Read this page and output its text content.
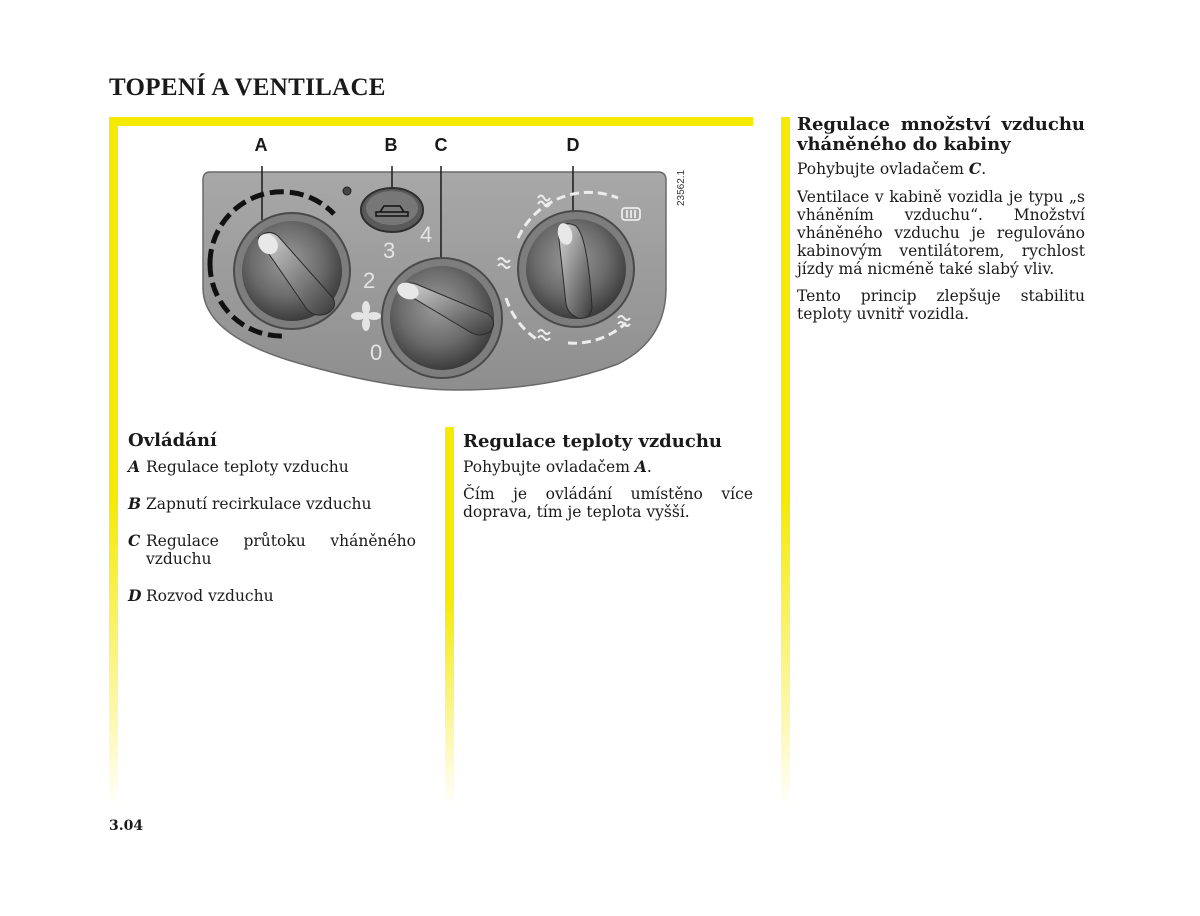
TOPENÍ A VENTILACE
A	B C	D
23562.1
0
2
3
4
Ovládání
A Regulace teploty vzduchu
B Zapnutí recirkulace vzduchu
C Regulace průtoku vháněného vzduchu
D Rozvod vzduchu
Regulace teploty vzduchu
Pohybujte ovladačem A.
Čím je ovládání umístěno více doprava, tím je teplota vyšší.
Regulace množství vzduchu vháněného do kabiny
Pohybujte ovladačem C.
Ventilace v kabině vozidla je typu „s vháněním vzduchu“. Množství vháněného vzduchu je regulováno kabinovým ventilátorem, rychlost jízdy má nicméně také slabý vliv.
Tento princip zlepšuje stabilitu teploty uvnitř vozidla.
3.04
